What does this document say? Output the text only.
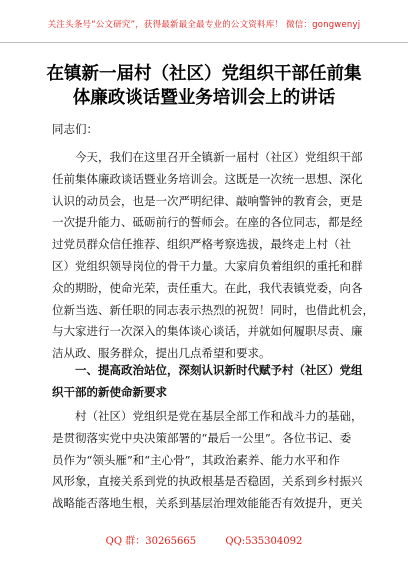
关注头条号“公文研究”，获得最新最全最专业的公文资料库！ 微信：gongwenyj
在镇新一届村（社区）党组织干部任前集
体廉政谈话暨业务培训会上的讲话
同志们：
今天，我们在这里召开全镇新一届村（社区）党组织干部
任前集体廉政谈话暨业务培训会。这既是一次统一思想、深化
认识的动员会，也是一次严明纪律、敲响警钟的教育会，更是
一次提升能力、砥砺前行的誓师会。在座的各位同志，都是经
过党员群众信任推荐、组织严格考察选拔，最终走上村（社
区）党组织领导岗位的骨干力量。大家肩负着组织的重托和群
众的期盼，使命光荣，责任重大。在此，我代表镇党委，向各
位新当选、新任职的同志表示热烈的祝贺！同时，也借此机会，
与大家进行一次深入的集体谈心谈话，并就如何履职尽责、廉
洁从政、服务群众，提出几点希望和要求。
一、提高政治站位，深刻认识新时代赋予村（社区）党组
织干部的新使命新要求
村（社区）党组织是党在基层全部工作和战斗力的基础，
是贯彻落实党中央决策部署的“最后一公里”。各位书记、委
员作为“领头雁”和“主心骨”，其政治素养、能力水平和作
风形象，直接关系到党的执政根基是否稳固，关系到乡村振兴
战略能否落地生根，关系到基层治理效能能否有效提升，更关
QQ 群：30265665	QQ:535304092
